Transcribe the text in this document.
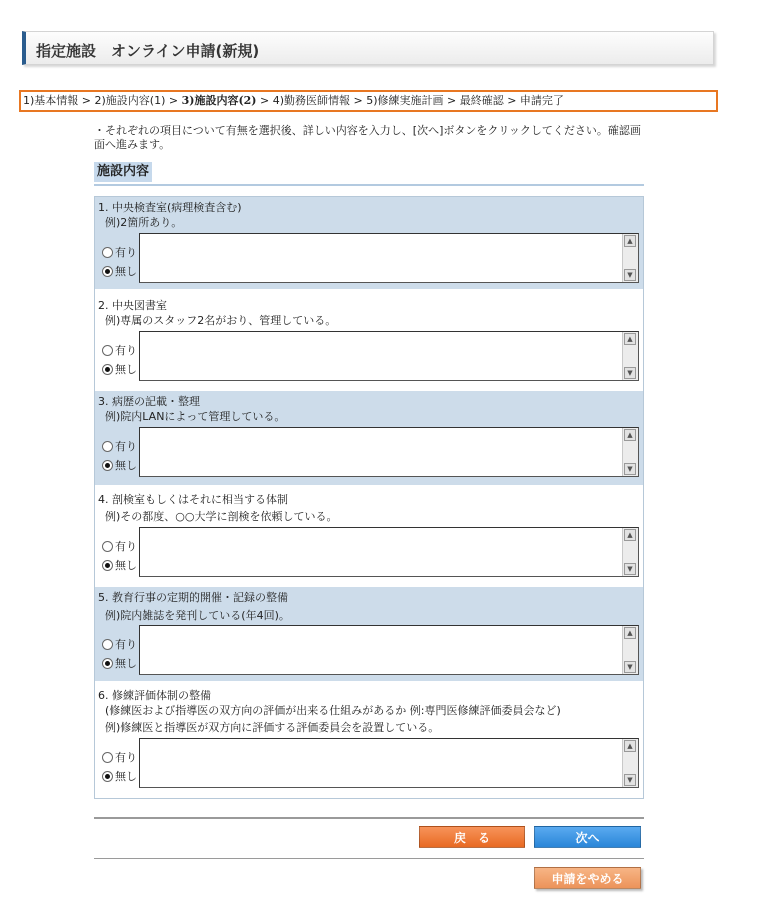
指定施設　オンライン申請(新規)
1)基本情報 > 2)施設内容(1) > 3)施設内容(2) > 4)勤務医師情報 > 5)修練実施計画 > 最終確認 > 申請完了
・それぞれの項目について有無を選択後、詳しい内容を入力し、[次へ]ボタンをクリックしてください。確認画面へ進みます。
施設内容
1. 中央検査室(病理検査含む)
例)2箇所あり。
有り
無し
▲
▼
2. 中央図書室
例)専属のスタッフ2名がおり、管理している。
有り
無し
▲
▼
3. 病歴の記載・整理
例)院内LANによって管理している。
有り
無し
▲
▼
4. 剖検室もしくはそれに相当する体制
例)その都度、○○大学に剖検を依頼している。
有り
無し
▲
▼
5. 教育行事の定期的開催・記録の整備
例)院内雑誌を発刊している(年4回)。
有り
無し
▲
▼
6. 修練評価体制の整備
(修練医および指導医の双方向の評価が出来る仕組みがあるか 例:専門医修練評価委員会など)
例)修練医と指導医が双方向に評価する評価委員会を設置している。
有り
無し
▲
▼
戻　る	次へ
申請をやめる
